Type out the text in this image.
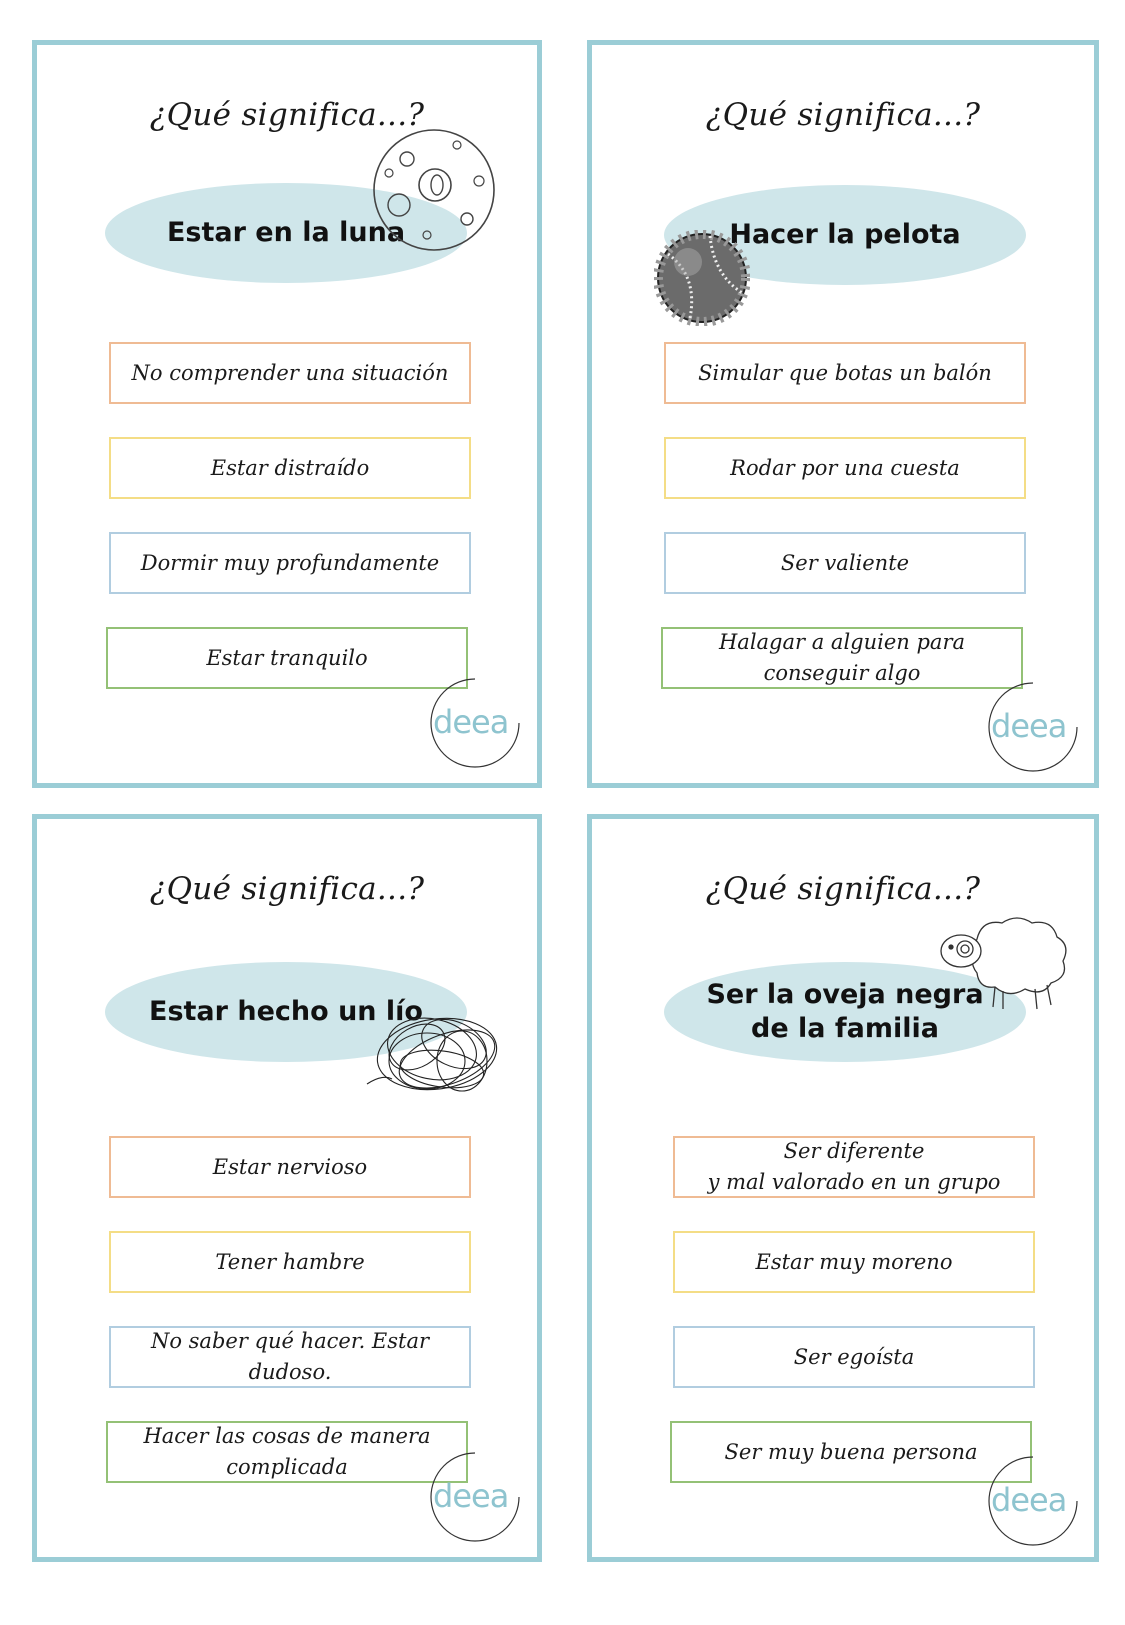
¿Qué significa...?
Estar en la luna
No comprender una situación
Estar distraído
Dormir muy profundamente
Estar tranquilo
deea
¿Qué significa...?
Hacer la pelota
Simular que botas un balón
Rodar por una cuesta
Ser valiente
Halagar a alguien para
conseguir algo
deea
¿Qué significa...?
Estar hecho un lío
Estar nervioso
Tener hambre
No saber qué hacer. Estar
dudoso.
Hacer las cosas de manera
complicada
deea
¿Qué significa...?
Ser la oveja negra
de la familia
Ser diferente
y mal valorado en un grupo
Estar muy moreno
Ser egoísta
Ser muy buena persona
deea
